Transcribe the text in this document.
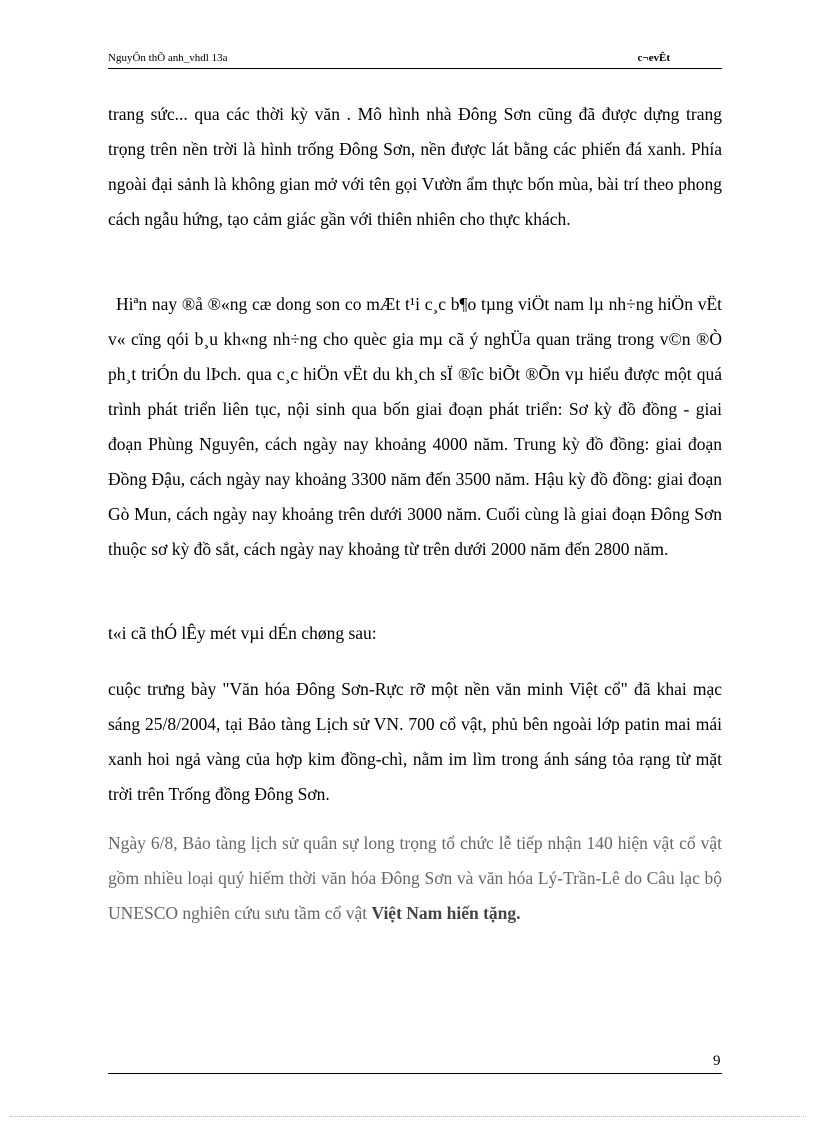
NguyÔn thÕ anh_vhdl 13a	c¬evÊt

trang sức... qua các thời kỳ văn . Mô hình nhà Đông Sơn cũng đã được dựng trang trọng trên nền trời là hình trống Đông Sơn, nền được lát bằng các phiến đá xanh. Phía ngoài đại sảnh là không gian mở với tên gọi Vườn ẩm thực bốn mùa, bài trí theo phong cách ngẫu hứng, tạo cảm giác gần với thiên nhiên cho thực khách.

Hiªn nay ®å ®«ng cæ dong son co mÆt t¹i c¸c b¶o tµng viÖt nam lµ nh÷ng hiÖn vËt v« cïng qói b¸u kh«ng nh÷ng cho quèc gia mµ cã ý nghÜa quan träng trong v©n ®Ò ph¸t triÓn du lÞch. qua c¸c hiÖn vËt du kh¸ch sÏ ®îc biÕt ®Õn vµ hiểu được một quá trình phát triển liên tục, nội sinh qua bốn giai đoạn phát triển: Sơ kỳ đồ đồng - giai đoạn Phùng Nguyên, cách ngày nay khoảng 4000 năm. Trung kỳ đồ đồng: giai đoạn Đồng Đậu, cách ngày nay khoảng 3300 năm đến 3500 năm. Hậu kỳ đồ đồng: giai đoạn Gò Mun, cách ngày nay khoảng trên dưới 3000 năm. Cuối cùng là giai đoạn Đông Sơn thuộc sơ kỳ đồ sắt, cách ngày nay khoảng từ trên dưới 2000 năm đến 2800 năm.

t«i cã thÓ lÊy mét vµi dÉn chøng sau:

cuộc trưng bày "Văn hóa Đông Sơn-Rực rỡ một nền văn minh Việt cổ" đã khai mạc sáng 25/8/2004, tại Bảo tàng Lịch sử VN. 700 cổ vật, phủ bên ngoài lớp patin mai mái xanh hoi ngả vàng của hợp kim đồng-chì, nằm im lìm trong ánh sáng tỏa rạng từ mặt trời trên Trống đồng Đông Sơn.

Ngày 6/8, Bảo tàng lịch sử quân sự long trọng tổ chức lễ tiếp nhận 140 hiện vật cổ vật gồm nhiều loại quý hiếm thời văn hóa Đông Sơn và văn hóa Lý-Trần-Lê do Câu lạc bộ UNESCO nghiên cứu sưu tầm cổ vật Việt Nam hiến tặng.

9
